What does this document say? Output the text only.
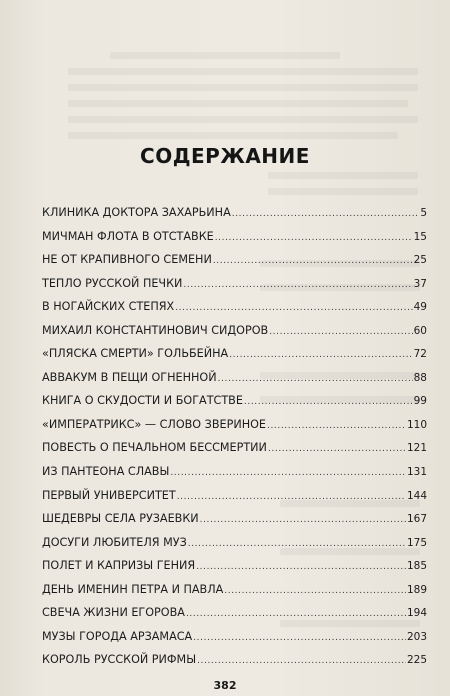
СОДЕРЖАНИЕ
КЛИНИКА ДОКТОРА ЗАХАРЬИНА .....	5
МИЧМАН ФЛОТА В ОТСТАВКЕ .....	15
НЕ ОТ КРАПИВНОГО СЕМЕНИ .....	25
ТЕПЛО РУССКОЙ ПЕЧКИ .....	37
В НОГАЙСКИХ СТЕПЯХ .....	49
МИХАИЛ КОНСТАНТИНОВИЧ СИДОРОВ .....	60
«ПЛЯСКА СМЕРТИ» ГОЛЬБЕЙНА .....	72
АВВАКУМ В ПЕЩИ ОГНЕННОЙ .....	88
КНИГА О СКУДОСТИ И БОГАТСТВЕ .....	99
«ИМПЕРАТРИКС» — СЛОВО ЗВЕРИНОЕ .....	110
ПОВЕСТЬ О ПЕЧАЛЬНОМ БЕССМЕРТИИ .....	121
ИЗ ПАНТЕОНА СЛАВЫ .....	131
ПЕРВЫЙ УНИВЕРСИТЕТ .....	144
ШЕДЕВРЫ СЕЛА РУЗАЕВКИ .....	167
ДОСУГИ ЛЮБИТЕЛЯ МУЗ .....	175
ПОЛЕТ И КАПРИЗЫ ГЕНИЯ .....	185
ДЕНЬ ИМЕНИН ПЕТРА И ПАВЛА .....	189
СВЕЧА ЖИЗНИ ЕГОРОВА .....	194
МУЗЫ ГОРОДА АРЗАМАСА .....	203
КОРОЛЬ РУССКОЙ РИФМЫ .....	225
382
